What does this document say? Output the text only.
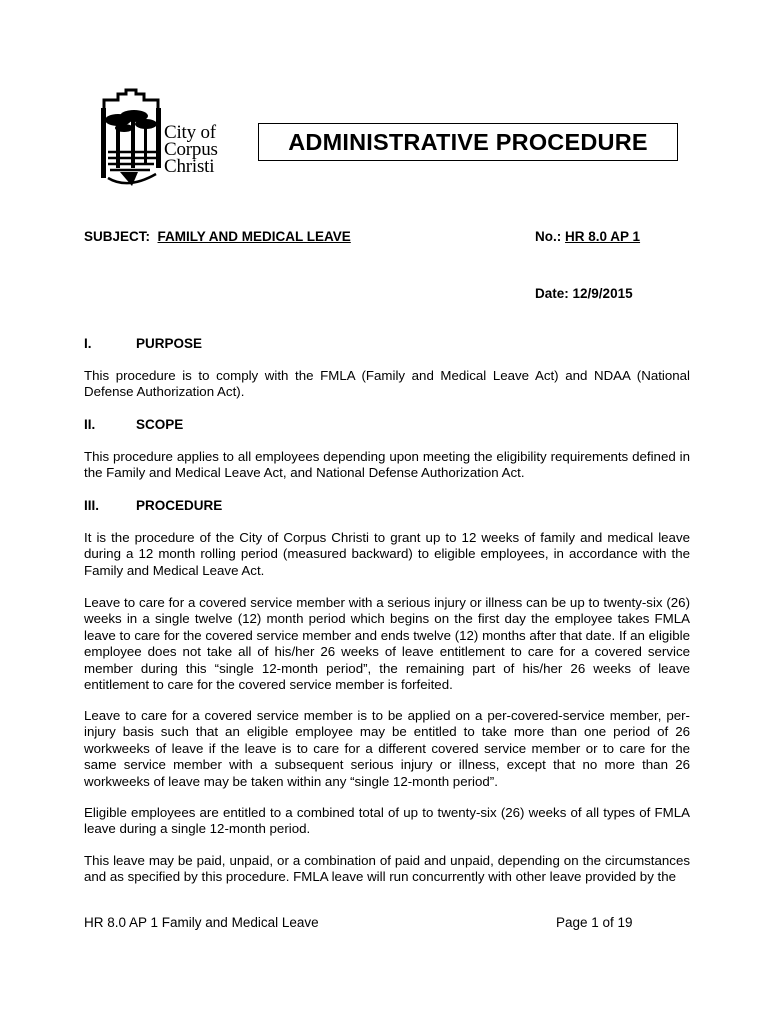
City of
Corpus
Christi
ADMINISTRATIVE PROCEDURE
SUBJECT: FAMILY AND MEDICAL LEAVE	No.: HR 8.0 AP 1
Date: 12/9/2015
I.	PURPOSE
This procedure is to comply with the FMLA (Family and Medical Leave Act) and NDAA (National Defense Authorization Act).
II.	SCOPE
This procedure applies to all employees depending upon meeting the eligibility requirements defined in the Family and Medical Leave Act, and National Defense Authorization Act.
III.	PROCEDURE
It is the procedure of the City of Corpus Christi to grant up to 12 weeks of family and medical leave during a 12 month rolling period (measured backward) to eligible employees, in accordance with the Family and Medical Leave Act.
Leave to care for a covered service member with a serious injury or illness can be up to twenty-six (26) weeks in a single twelve (12) month period which begins on the first day the employee takes FMLA leave to care for the covered service member and ends twelve (12) months after that date. If an eligible employee does not take all of his/her 26 weeks of leave entitlement to care for a covered service member during this “single 12-month period”, the remaining part of his/her 26 weeks of leave entitlement to care for the covered service member is forfeited.
Leave to care for a covered service member is to be applied on a per-covered-service member, per-injury basis such that an eligible employee may be entitled to take more than one period of 26 workweeks of leave if the leave is to care for a different covered service member or to care for the same service member with a subsequent serious injury or illness, except that no more than 26 workweeks of leave may be taken within any “single 12-month period”.
Eligible employees are entitled to a combined total of up to twenty-six (26) weeks of all types of FMLA leave during a single 12-month period.
This leave may be paid, unpaid, or a combination of paid and unpaid, depending on the circumstances and as specified by this procedure. FMLA leave will run concurrently with other leave provided by the
HR 8.0 AP 1 Family and Medical Leave	Page 1 of 19
